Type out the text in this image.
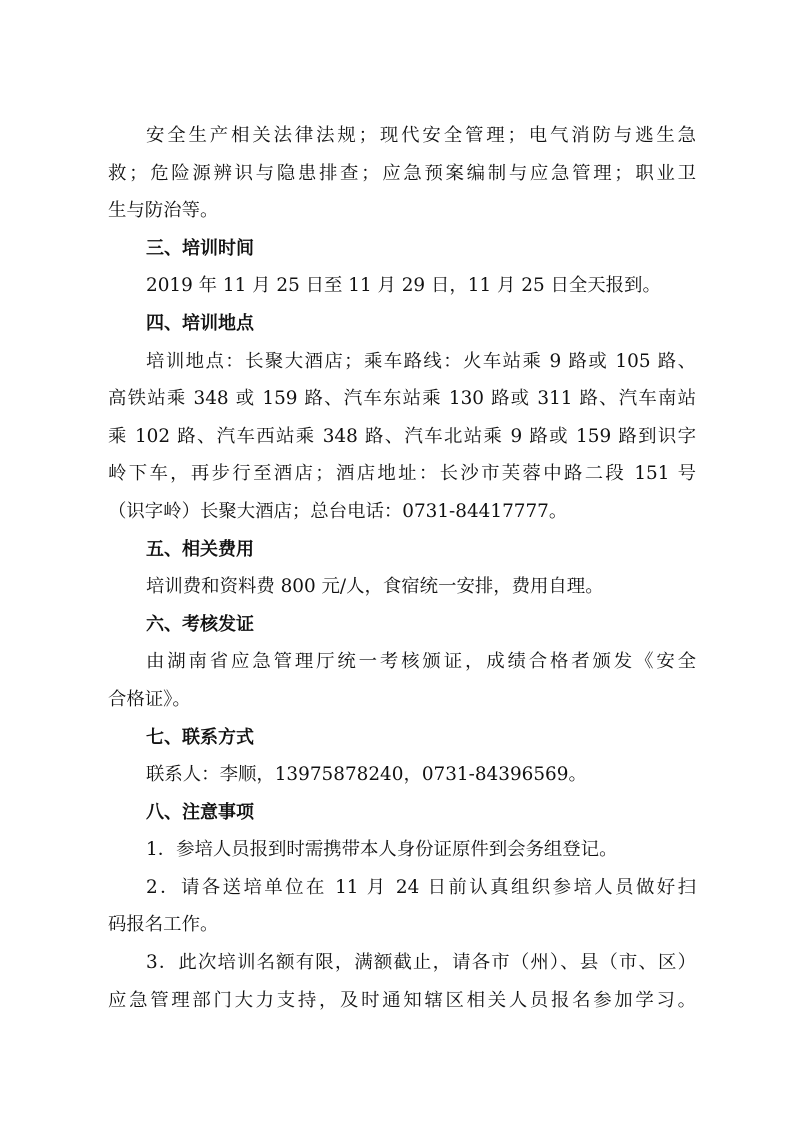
安全生产相关法律法规；现代安全管理；电气消防与逃生急

救；危险源辨识与隐患排查；应急预案编制与应急管理；职业卫

生与防治等。

三、培训时间

2019 年 11 月 25 日至 11 月 29 日，11 月 25 日全天报到。

四、培训地点

培训地点：长聚大酒店；乘车路线：火车站乘 9 路或 105 路、

高铁站乘 348 或 159 路、汽车东站乘 130 路或 311 路、汽车南站

乘 102 路、汽车西站乘 348 路、汽车北站乘 9 路或 159 路到识字

岭下车，再步行至酒店；酒店地址：长沙市芙蓉中路二段 151 号

（识字岭）长聚大酒店；总台电话：0731-84417777。

五、相关费用

培训费和资料费 800 元/人，食宿统一安排，费用自理。

六、考核发证

由湖南省应急管理厅统一考核颁证，成绩合格者颁发《安全

合格证》。

七、联系方式

联系人：李顺，13975878240，0731-84396569。

八、注意事项

1．参培人员报到时需携带本人身份证原件到会务组登记。

2．请各送培单位在 11 月 24 日前认真组织参培人员做好扫

码报名工作。

3．此次培训名额有限，满额截止，请各市（州）、县（市、区）

应急管理部门大力支持，及时通知辖区相关人员报名参加学习。
